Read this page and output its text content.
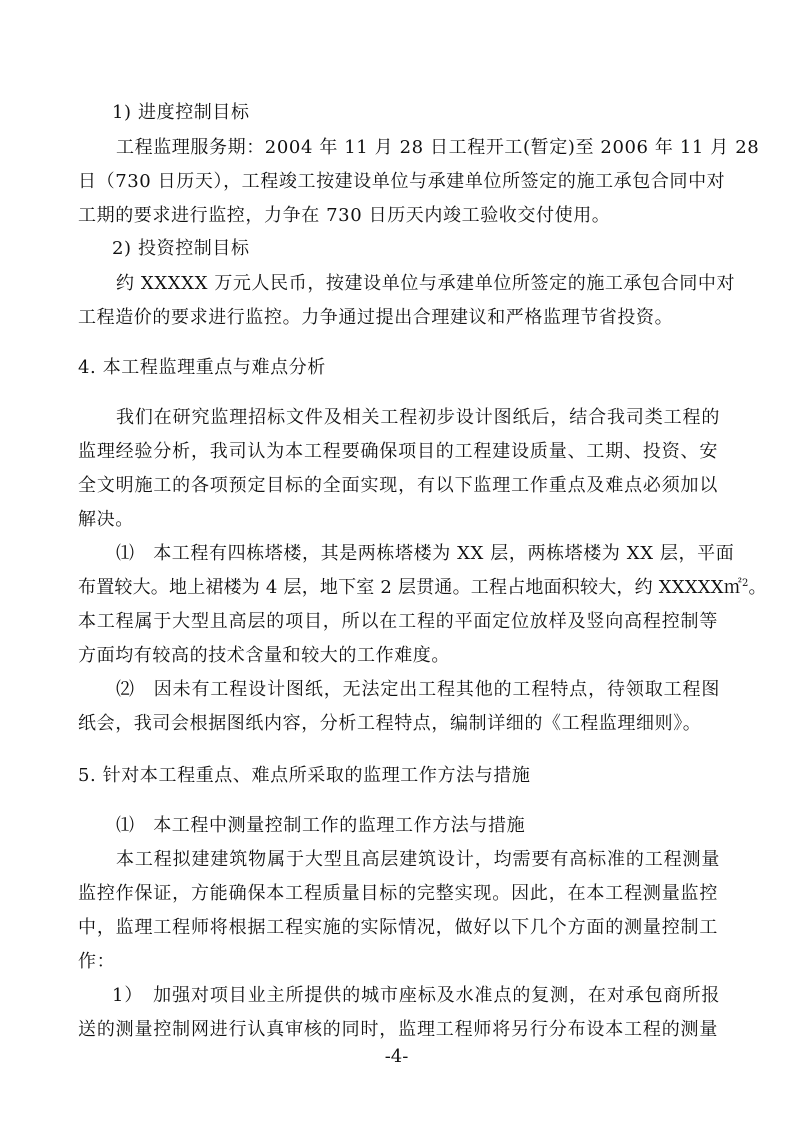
1) 进度控制目标
工程监理服务期：2004 年 11 月 28 日工程开工(暂定)至 2006 年 11 月 28
日（730 日历天），工程竣工按建设单位与承建单位所签定的施工承包合同中对
工期的要求进行监控，力争在 730 日历天内竣工验收交付使用。
2) 投资控制目标
约 XXXXX 万元人民币，按建设单位与承建单位所签定的施工承包合同中对
工程造价的要求进行监控。力争通过提出合理建议和严格监理节省投资。
4. 本工程监理重点与难点分析
我们在研究监理招标文件及相关工程初步设计图纸后，结合我司类工程的
监理经验分析，我司认为本工程要确保项目的工程建设质量、工期、投资、安
全文明施工的各项预定目标的全面实现，有以下监理工作重点及难点必须加以
解决。
⑴　本工程有四栋塔楼，其是两栋塔楼为 XX 层，两栋塔楼为 XX 层，平面
布置较大。地上裙楼为 4 层，地下室 2 层贯通。工程占地面积较大，约 XXXXX㎡$^2$。
本工程属于大型且高层的项目，所以在工程的平面定位放样及竖向高程控制等
方面均有较高的技术含量和较大的工作难度。
⑵　因未有工程设计图纸，无法定出工程其他的工程特点，待领取工程图
纸会，我司会根据图纸内容，分析工程特点，编制详细的《工程监理细则》。
5. 针对本工程重点、难点所采取的监理工作方法与措施
⑴　本工程中测量控制工作的监理工作方法与措施
本工程拟建建筑物属于大型且高层建筑设计，均需要有高标准的工程测量
监控作保证，方能确保本工程质量目标的完整实现。因此，在本工程测量监控
中，监理工程师将根据工程实施的实际情况，做好以下几个方面的测量控制工
作：
1）　加强对项目业主所提供的城市座标及水准点的复测，在对承包商所报
送的测量控制网进行认真审核的同时，监理工程师将另行分布设本工程的测量
-4-
